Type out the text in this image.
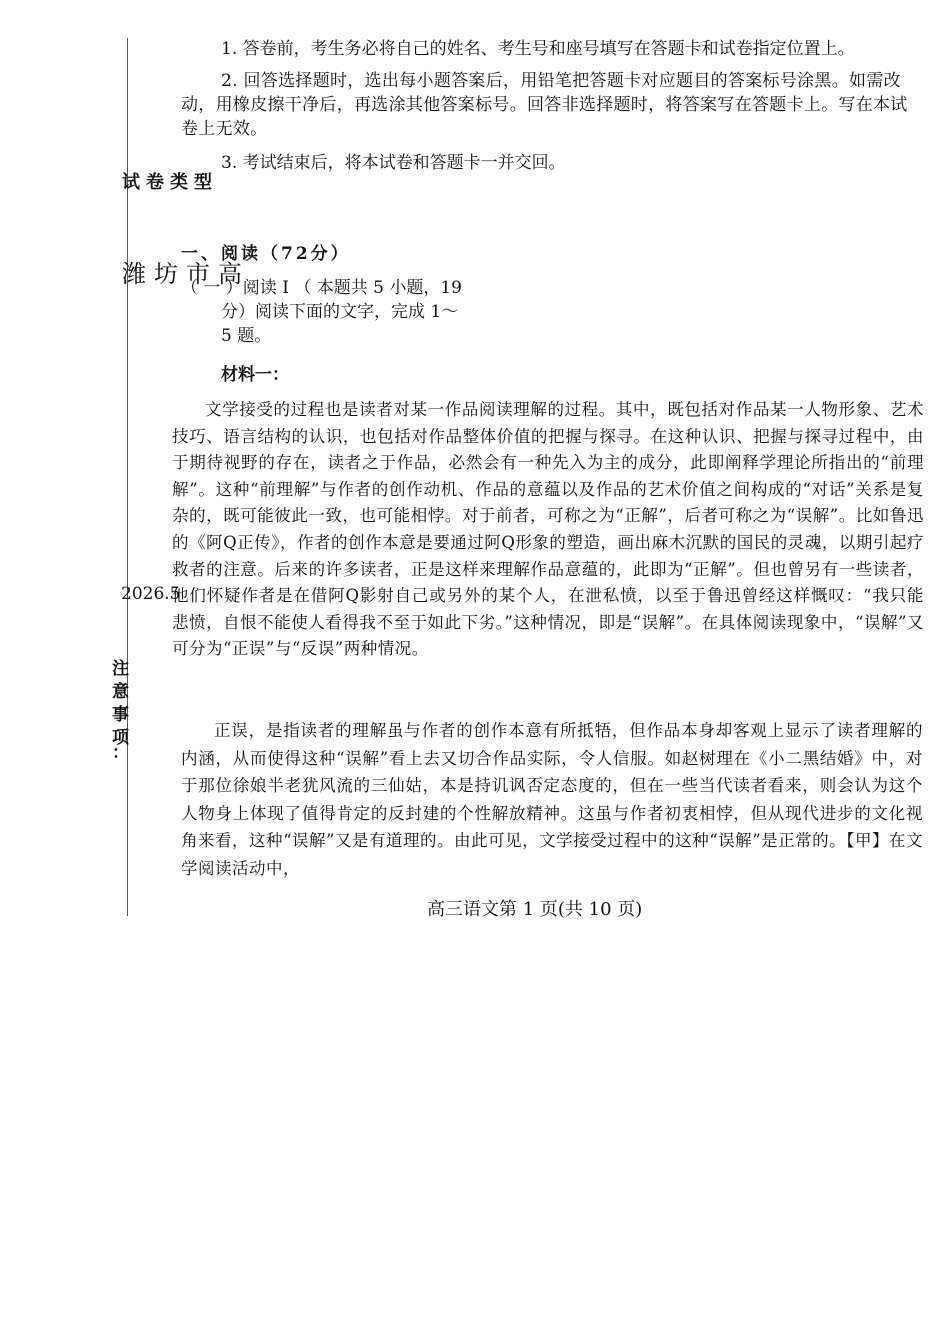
1. 答卷前，考生务必将自己的姓名、考生号和座号填写在答题卡和试卷指定位置上。

2. 回答选择题时，选出每小题答案后，用铅笔把答题卡对应题目的答案标号涂黑。如需改动，用橡皮擦干净后，再选涂其他答案标号。回答非选择题时，将答案写在答题卡上。写在本试卷上无效。

3. 考试结束后，将本试卷和答题卡一并交回。

试卷类型
一、阅读（72分）
潍坊市高
（ 一 ）阅读 I （ 本题共 5 小题，19
分）阅读下面的文字，完成 1～
5 题。
材料一：

文学接受的过程也是读者对某一作品阅读理解的过程。其中，既包括对作品某一人物形象、艺术技巧、语言结构的认识，也包括对作品整体价值的把握与探寻。在这种认识、把握与探寻过程中，由于期待视野的存在，读者之于作品，必然会有一种先入为主的成分，此即阐释学理论所指出的“前理解”。这种“前理解”与作者的创作动机、作品的意蕴以及作品的艺术价值之间构成的“对话”关系是复杂的，既可能彼此一致，也可能相悖。对于前者，可称之为“正解”，后者可称之为“误解”。比如鲁迅的《阿Q正传》，作者的创作本意是要通过阿Q形象的塑造，画出麻木沉默的国民的灵魂，以期引起疗救者的注意。后来的许多读者，正是这样来理解作品意蕴的，此即为“正解”。但也曾另有一些读者，他们怀疑作者是在借阿Q影射自己或另外的某个人，在泄私愤，以至于鲁迅曾经这样慨叹：“我只能悲愤，自恨不能使人看得我不至于如此下劣。”这种情况，即是“误解”。在具体阅读现象中，“误解”又可分为“正误”与“反误”两种情况。

2026.5
注
意
事
项
：

正误，是指读者的理解虽与作者的创作本意有所抵牾，但作品本身却客观上显示了读者理解的内涵，从而使得这种“误解”看上去又切合作品实际，令人信服。如赵树理在《小二黑结婚》中，对于那位徐娘半老犹风流的三仙姑，本是持讥讽否定态度的，但在一些当代读者看来，则会认为这个人物身上体现了值得肯定的反封建的个性解放精神。这虽与作者初衷相悖，但从现代进步的文化视角来看，这种“误解”又是有道理的。由此可见，文学接受过程中的这种“误解”是正常的。【甲】在文学阅读活动中，

高三语文第 1 页(共 10 页)
